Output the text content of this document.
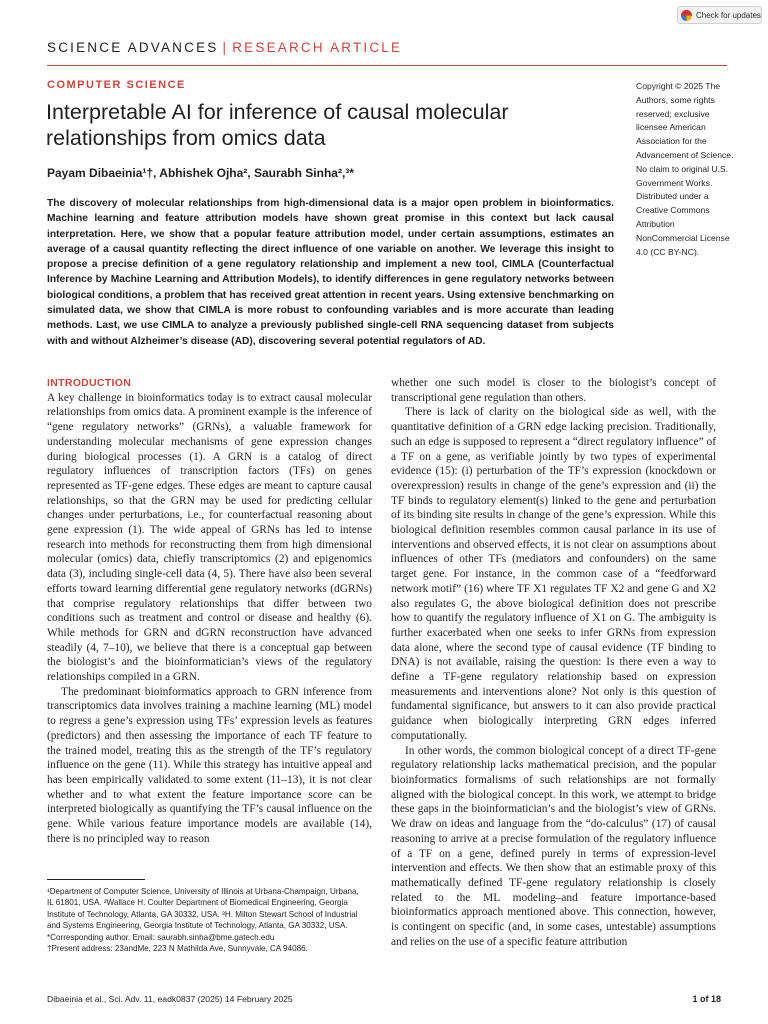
Check for updates
SCIENCE ADVANCES | RESEARCH ARTICLE
COMPUTER SCIENCE
Interpretable AI for inference of causal molecular relationships from omics data
Payam Dibaeinia¹†, Abhishek Ojha², Saurabh Sinha²,³*

The discovery of molecular relationships from high-dimensional data is a major open problem in bioinformatics. Machine learning and feature attribution models have shown great promise in this context but lack causal interpretation. Here, we show that a popular feature attribution model, under certain assumptions, estimates an average of a causal quantity reflecting the direct influence of one variable on another. We leverage this insight to propose a precise definition of a gene regulatory relationship and implement a new tool, CIMLA (Counterfactual Inference by Machine Learning and Attribution Models), to identify differences in gene regulatory networks between biological conditions, a problem that has received great attention in recent years. Using extensive benchmarking on simulated data, we show that CIMLA is more robust to confounding variables and is more accurate than leading methods. Last, we use CIMLA to analyze a previously published single-cell RNA sequencing dataset from subjects with and without Alzheimer’s disease (AD), discovering several potential regulators of AD.

Copyright © 2025 The Authors, some rights reserved; exclusive licensee American Association for the Advancement of Science. No claim to original U.S. Government Works. Distributed under a Creative Commons Attribution NonCommercial License 4.0 (CC BY-NC).

INTRODUCTION

A key challenge in bioinformatics today is to extract causal molecular relationships from omics data. A prominent example is the inference of “gene regulatory networks” (GRNs), a valuable framework for understanding molecular mechanisms of gene expression changes during biological processes (1). A GRN is a catalog of direct regulatory influences of transcription factors (TFs) on genes represented as TF-gene edges. These edges are meant to capture causal relationships, so that the GRN may be used for predicting cellular changes under perturbations, i.e., for counterfactual reasoning about gene expression (1). The wide appeal of GRNs has led to intense research into methods for reconstructing them from high dimensional molecular (omics) data, chiefly transcriptomics (2) and epigenomics data (3), including single-cell data (4, 5). There have also been several efforts toward learning differential gene regulatory networks (dGRNs) that comprise regulatory relationships that differ between two conditions such as treatment and control or disease and healthy (6). While methods for GRN and dGRN reconstruction have advanced steadily (4, 7–10), we believe that there is a conceptual gap between the biologist’s and the bioinformatician’s views of the regulatory relationships compiled in a GRN.

The predominant bioinformatics approach to GRN inference from transcriptomics data involves training a machine learning (ML) model to regress a gene’s expression using TFs’ expression levels as features (predictors) and then assessing the importance of each TF feature to the trained model, treating this as the strength of the TF’s regulatory influence on the gene (11). While this strategy has intuitive appeal and has been empirically validated to some extent (11–13), it is not clear whether and to what extent the feature importance score can be interpreted biologically as quantifying the TF’s causal influence on the gene. While various feature importance models are available (14), there is no principled way to reason

whether one such model is closer to the biologist’s concept of transcriptional gene regulation than others.

There is lack of clarity on the biological side as well, with the quantitative definition of a GRN edge lacking precision. Traditionally, such an edge is supposed to represent a “direct regulatory influence” of a TF on a gene, as verifiable jointly by two types of experimental evidence (15): (i) perturbation of the TF’s expression (knockdown or overexpression) results in change of the gene’s expression and (ii) the TF binds to regulatory element(s) linked to the gene and perturbation of its binding site results in change of the gene’s expression. While this biological definition resembles common causal parlance in its use of interventions and observed effects, it is not clear on assumptions about influences of other TFs (mediators and confounders) on the same target gene. For instance, in the common case of a “feedforward network motif” (16) where TF X1 regulates TF X2 and gene G and X2 also regulates G, the above biological definition does not prescribe how to quantify the regulatory influence of X1 on G. The ambiguity is further exacerbated when one seeks to infer GRNs from expression data alone, where the second type of causal evidence (TF binding to DNA) is not available, raising the question: Is there even a way to define a TF-gene regulatory relationship based on expression measurements and interventions alone? Not only is this question of fundamental significance, but answers to it can also provide practical guidance when biologically interpreting GRN edges inferred computationally.

In other words, the common biological concept of a direct TF-gene regulatory relationship lacks mathematical precision, and the popular bioinformatics formalisms of such relationships are not formally aligned with the biological concept. In this work, we attempt to bridge these gaps in the bioinformatician’s and the biologist’s view of GRNs. We draw on ideas and language from the “do-calculus” (17) of causal reasoning to arrive at a precise formulation of the regulatory influence of a TF on a gene, defined purely in terms of expression-level intervention and effects. We then show that an estimable proxy of this mathematically defined TF-gene regulatory relationship is closely related to the ML modeling–and feature importance-based bioinformatics approach mentioned above. This connection, however, is contingent on specific (and, in some cases, untestable) assumptions and relies on the use of a specific feature attribution

¹Department of Computer Science, University of Illinois at Urbana-Champaign, Urbana, IL 61801, USA. ²Wallace H. Coulter Department of Biomedical Engineering, Georgia Institute of Technology, Atlanta, GA 30332, USA. ³H. Milton Stewart School of Industrial and Systems Engineering, Georgia Institute of Technology, Atlanta, GA 30332, USA.
*Corresponding author. Email: saurabh.sinha@bme.gatech.edu
†Present address: 23andMe, 223 N Mathilda Ave, Sunnyvale, CA 94086.
Dibaeinia et al., Sci. Adv. 11, eadk0837 (2025) 14 February 2025	1 of 18
